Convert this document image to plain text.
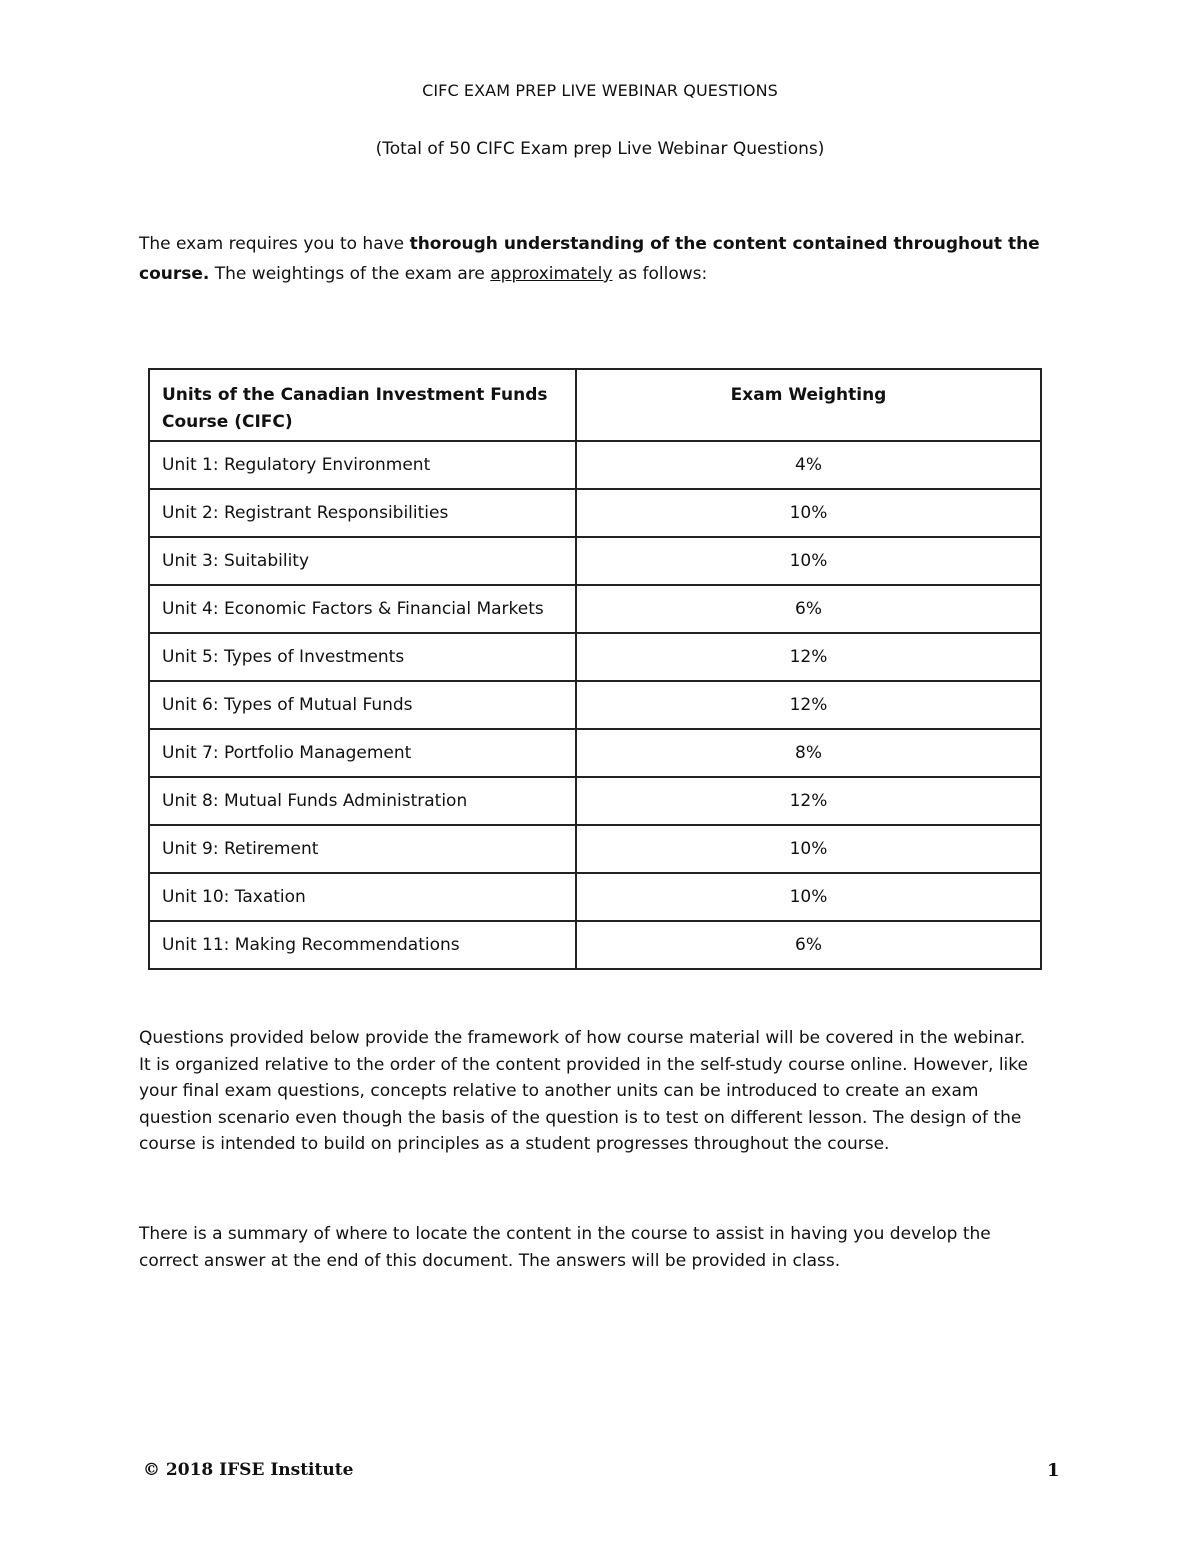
CIFC EXAM PREP LIVE WEBINAR QUESTIONS
(Total of 50 CIFC Exam prep Live Webinar Questions)

The exam requires you to have thorough understanding of the content contained throughout the course. The weightings of the exam are approximately as follows:

Units of the Canadian Investment Funds Course (CIFC)	Exam Weighting
Unit 1: Regulatory Environment	4%
Unit 2: Registrant Responsibilities	10%
Unit 3: Suitability	10%
Unit 4: Economic Factors & Financial Markets	6%
Unit 5: Types of Investments	12%
Unit 6: Types of Mutual Funds	12%
Unit 7: Portfolio Management	8%
Unit 8: Mutual Funds Administration	12%
Unit 9: Retirement	10%
Unit 10: Taxation	10%
Unit 11: Making Recommendations	6%

Questions provided below provide the framework of how course material will be covered in the webinar. It is organized relative to the order of the content provided in the self-study course online. However, like your final exam questions, concepts relative to another units can be introduced to create an exam question scenario even though the basis of the question is to test on different lesson. The design of the course is intended to build on principles as a student progresses throughout the course.

There is a summary of where to locate the content in the course to assist in having you develop the correct answer at the end of this document. The answers will be provided in class.

© 2018 IFSE Institute	1
